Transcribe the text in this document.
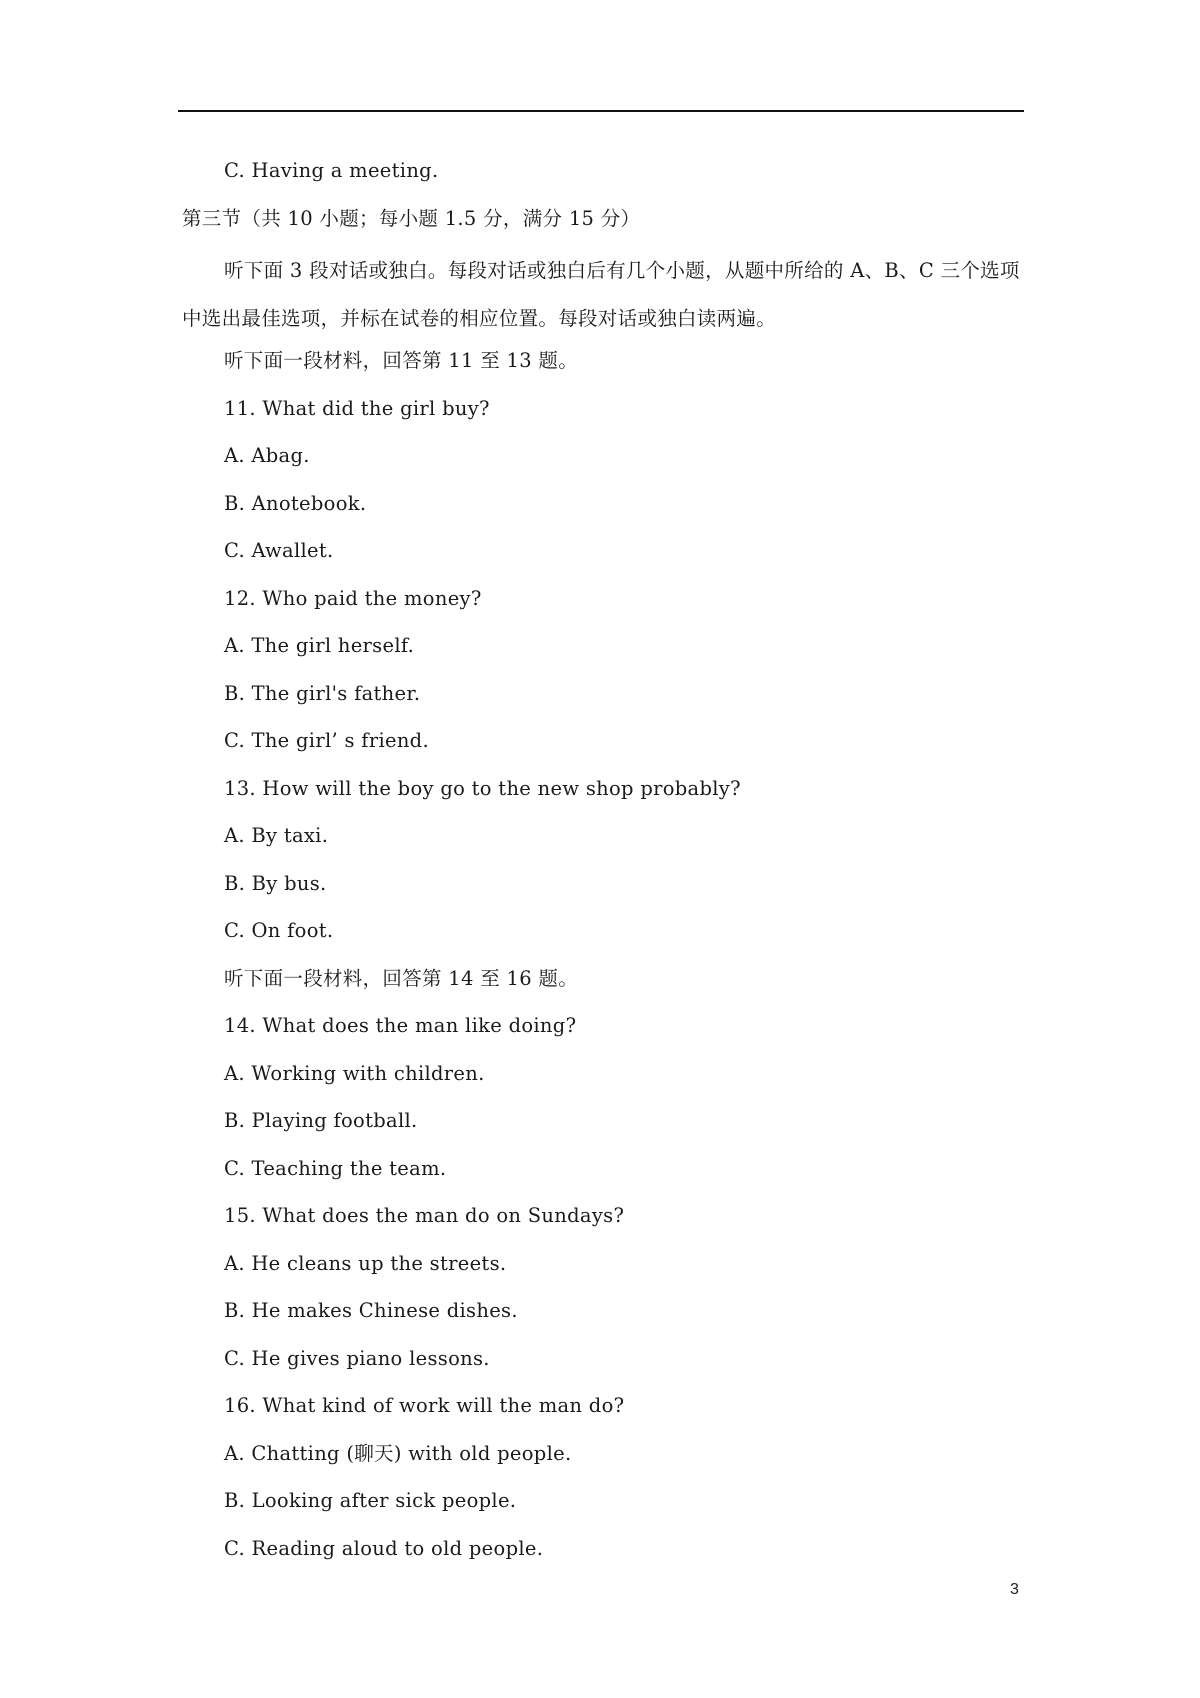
C. Having a meeting.
第三节（共 10 小题；每小题 1.5 分，满分 15 分）
听下面 3 段对话或独白。每段对话或独白后有几个小题，从题中所给的 A、B、C 三个选项中选出最佳选项，并标在试卷的相应位置。每段对话或独白读两遍。
听下面一段材料，回答第 11 至 13 题。
11. What did the girl buy?
A. Abag.
B. Anotebook.
C. Awallet.
12. Who paid the money?
A. The girl herself.
B. The girl's father.
C. The girl’ s friend.
13. How will the boy go to the new shop probably?
A. By taxi.
B. By bus.
C. On foot.
听下面一段材料，回答第 14 至 16 题。
14. What does the man like doing?
A. Working with children.
B. Playing football.
C. Teaching the team.
15. What does the man do on Sundays?
A. He cleans up the streets.
B. He makes Chinese dishes.
C. He gives piano lessons.
16. What kind of work will the man do?
A. Chatting (聊天) with old people.
B. Looking after sick people.
C. Reading aloud to old people.
3
